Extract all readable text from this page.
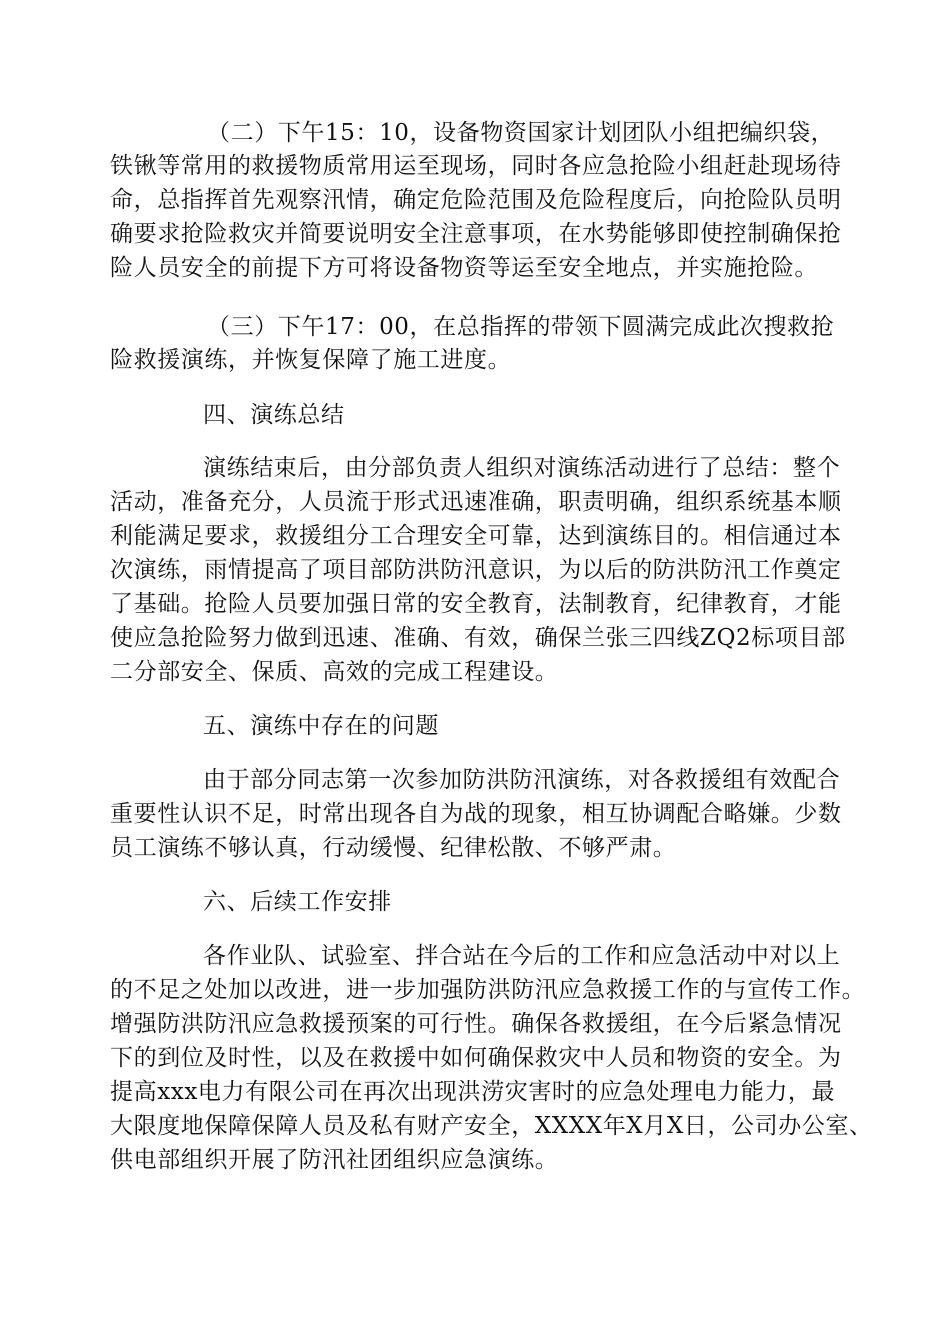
（二）下午15：10，设备物资国家计划团队小组把编织袋，
铁锹等常用的救援物质常用运至现场，同时各应急抢险小组赶赴现场待
命，总指挥首先观察汛情，确定危险范围及危险程度后，向抢险队员明
确要求抢险救灾并简要说明安全注意事项，在水势能够即使控制确保抢
险人员安全的前提下方可将设备物资等运至安全地点，并实施抢险。
（三）下午17：00，在总指挥的带领下圆满完成此次搜救抢
险救援演练，并恢复保障了施工进度。
四、演练总结
演练结束后，由分部负责人组织对演练活动进行了总结：整个
活动，准备充分，人员流于形式迅速准确，职责明确，组织系统基本顺
利能满足要求，救援组分工合理安全可靠，达到演练目的。相信通过本
次演练，雨情提高了项目部防洪防汛意识，为以后的防洪防汛工作奠定
了基础。抢险人员要加强日常的安全教育，法制教育，纪律教育，才能
使应急抢险努力做到迅速、准确、有效，确保兰张三四线ZQ2标项目部
二分部安全、保质、高效的完成工程建设。
五、演练中存在的问题
由于部分同志第一次参加防洪防汛演练，对各救援组有效配合
重要性认识不足，时常出现各自为战的现象，相互协调配合略嫌。少数
员工演练不够认真，行动缓慢、纪律松散、不够严肃。
六、后续工作安排
各作业队、试验室、拌合站在今后的工作和应急活动中对以上
的不足之处加以改进，进一步加强防洪防汛应急救援工作的与宣传工作。
增强防洪防汛应急救援预案的可行性。确保各救援组，在今后紧急情况
下的到位及时性，以及在救援中如何确保救灾中人员和物资的安全。为
提高xxx电力有限公司在再次出现洪涝灾害时的应急处理电力能力，最
大限度地保障保障人员及私有财产安全，XXXX年X月X日，公司办公室、
供电部组织开展了防汛社团组织应急演练。
